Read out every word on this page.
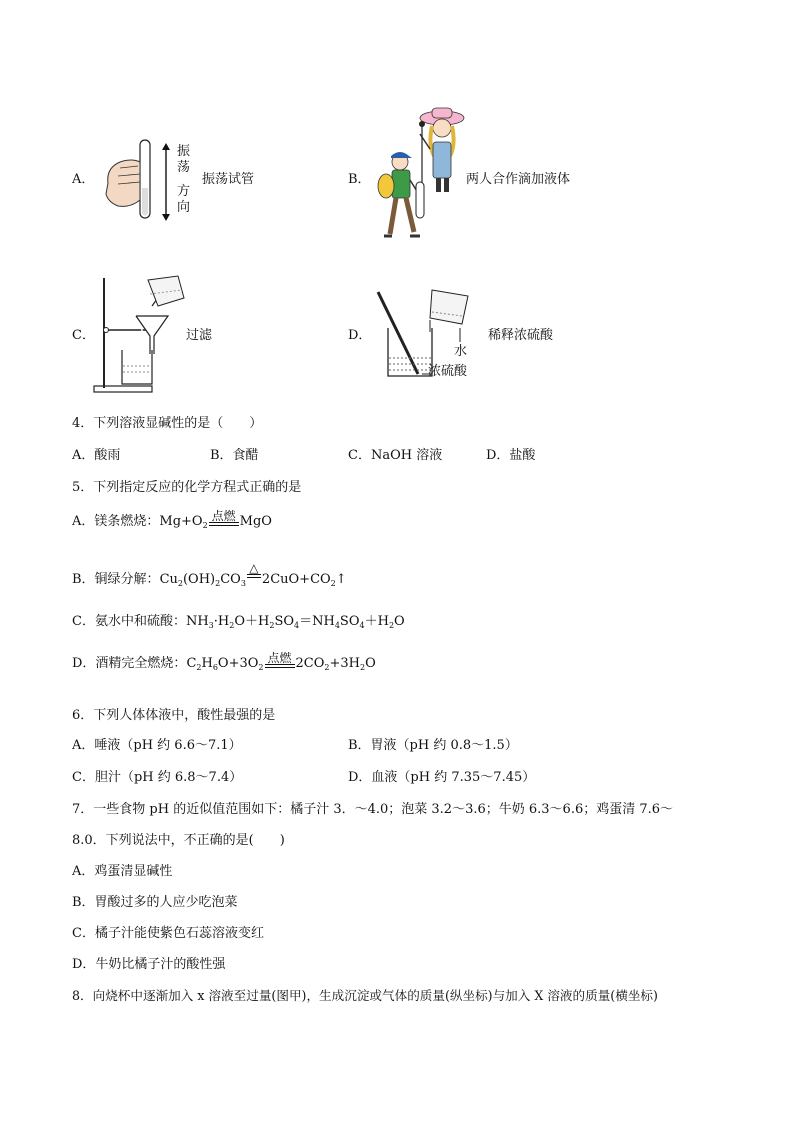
A．
振
荡
方
向
振荡试管	B．	两人合作滴加液体
C．	过滤	D．
水
浓硫酸
稀释浓硫酸
4．下列溶液显碱性的是（　　）
A．酸雨	B．食醋	C．NaOH 溶液	D．盐酸
5．下列指定反应的化学方程式正确的是
A．镁条燃烧：$Mg+O_2$
点燃 MgO
B．铜绿分解：$Cu_2(OH)_2CO_3$
△
$2CuO+CO_2↑$
C．氨水中和硫酸：$NH_3\cdot H_2O+H_2SO_4=NH_4SO_4+H_2O$
D．酒精完全燃烧：$C_2H_6O+3O_2$
点燃 $2CO_2+3H_2O$
6．下列人体体液中，酸性最强的是
A．唾液（pH 约 6.6～7.1）	B．胃液（pH 约 0.8～1.5）
C．胆汁（pH 约 6.8～7.4）	D．血液（pH 约 7.35～7.45）
7．一些食物 pH 的近似值范围如下：橘子汁 3．～4.0；泡菜 3.2～3.6；牛奶 6.3～6.6；鸡蛋清 7.6～
8.0．下列说法中，不正确的是(　　)
A．鸡蛋清显碱性
B．胃酸过多的人应少吃泡菜
C．橘子汁能使紫色石蕊溶液变红
D．牛奶比橘子汁的酸性强
8．向烧杯中逐渐加入 x 溶液至过量(图甲)，生成沉淀或气体的质量(纵坐标)与加入 X 溶液的质量(横坐标)
